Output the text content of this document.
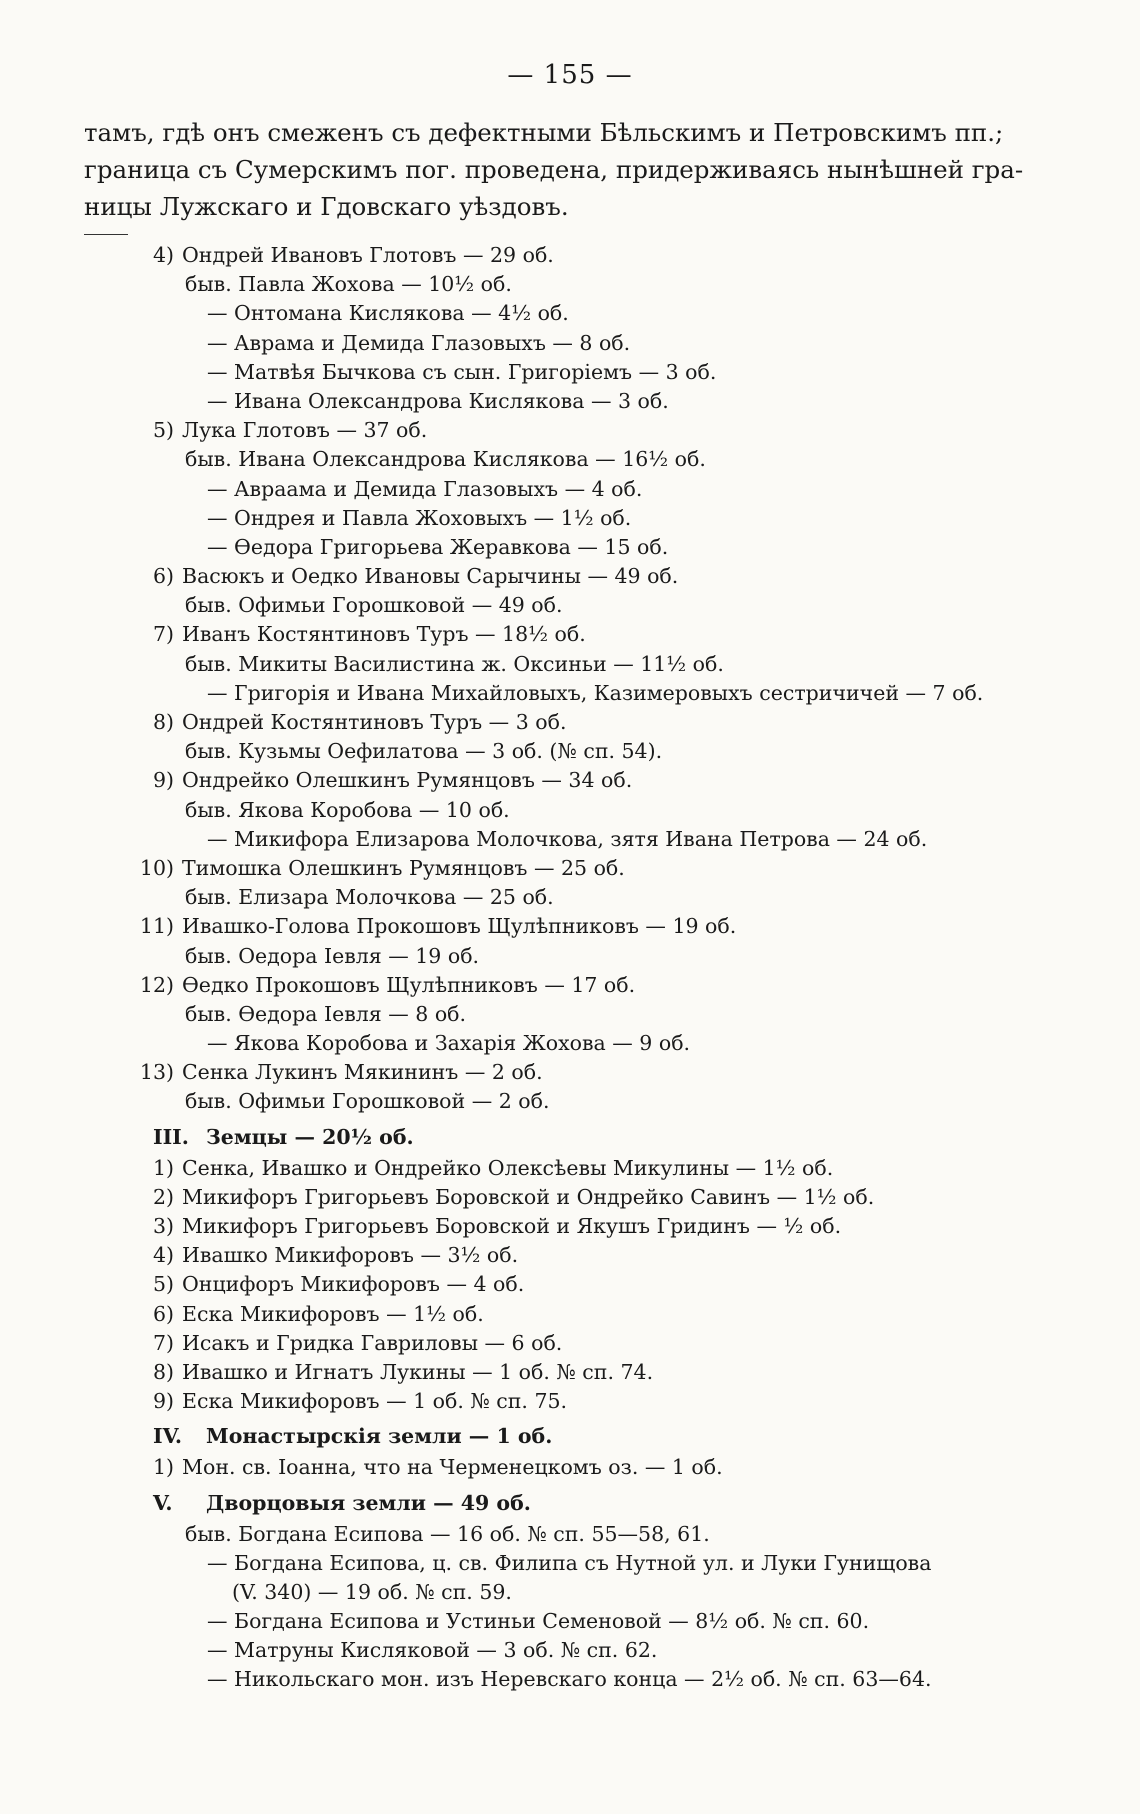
— 155 —
тамъ, гдѣ онъ смеженъ съ дефектными Бѣльскимъ и Петровскимъ пп.;
граница съ Сумерскимъ пог. проведена, придерживаясь нынѣшней гра-
ницы Лужскаго и Гдовскаго уѣздовъ.
4) Ондрей Ивановъ Глотовъ — 29 об.
быв. Павла Жохова — 10½ об.
— Онтомана Кислякова — 4½ об.
— Аврама и Демида Глазовыхъ — 8 об.
— Матвѣя Бычкова съ сын. Григоріемъ — 3 об.
— Ивана Олександрова Кислякова — 3 об.
5) Лука Глотовъ — 37 об.
быв. Ивана Олександрова Кислякова — 16½ об.
— Авраама и Демида Глазовыхъ — 4 об.
— Ондрея и Павла Жоховыхъ — 1½ об.
— Өедора Григорьева Жеравкова — 15 об.
6) Васюкъ и Оедко Ивановы Сарычины — 49 об.
быв. Офимьи Горошковой — 49 об.
7) Иванъ Костянтиновъ Туръ — 18½ об.
быв. Микиты Василистина ж. Оксиньи — 11½ об.
— Григорія и Ивана Михайловыхъ, Казимеровыхъ сестричичей — 7 об.
8) Ондрей Костянтиновъ Туръ — 3 об.
быв. Кузьмы Оефилатова — 3 об. (№ сп. 54).
9) Ондрейко Олешкинъ Румянцовъ — 34 об.
быв. Якова Коробова — 10 об.
— Микифора Елизарова Молочкова, зятя Ивана Петрова — 24 об.
10) Тимошка Олешкинъ Румянцовъ — 25 об.
быв. Елизара Молочкова — 25 об.
11) Ивашко-Голова Прокошовъ Щулѣпниковъ — 19 об.
быв. Оедора Іевля — 19 об.
12) Өедко Прокошовъ Щулѣпниковъ — 17 об.
быв. Өедора Іевля — 8 об.
— Якова Коробова и Захарія Жохова — 9 об.
13) Сенка Лукинъ Мякининъ — 2 об.
быв. Офимьи Горошковой — 2 об.
III. Земцы — 20½ об.
1) Сенка, Ивашко и Ондрейко Олексѣевы Микулины — 1½ об.
2) Микифоръ Григорьевъ Боровской и Ондрейко Савинъ — 1½ об.
3) Микифоръ Григорьевъ Боровской и Якушъ Гридинъ — ½ об.
4) Ивашко Микифоровъ — 3½ об.
5) Онцифоръ Микифоровъ — 4 об.
6) Еска Микифоровъ — 1½ об.
7) Исакъ и Гридка Гавриловы — 6 об.
8) Ивашко и Игнатъ Лукины — 1 об. № сп. 74.
9) Еска Микифоровъ — 1 об. № сп. 75.
IV. Монастырскія земли — 1 об.
1) Мон. св. Іоанна, что на Черменецкомъ оз. — 1 об.
V. Дворцовыя земли — 49 об.
быв. Богдана Есипова — 16 об. № сп. 55—58, 61.
— Богдана Есипова, ц. св. Филипа съ Нутной ул. и Луки Гунищова
(V. 340) — 19 об. № сп. 59.
— Богдана Есипова и Устиньи Семеновой — 8½ об. № сп. 60.
— Матруны Кисляковой — 3 об. № сп. 62.
— Никольскаго мон. изъ Неревскаго конца — 2½ об. № сп. 63—64.
